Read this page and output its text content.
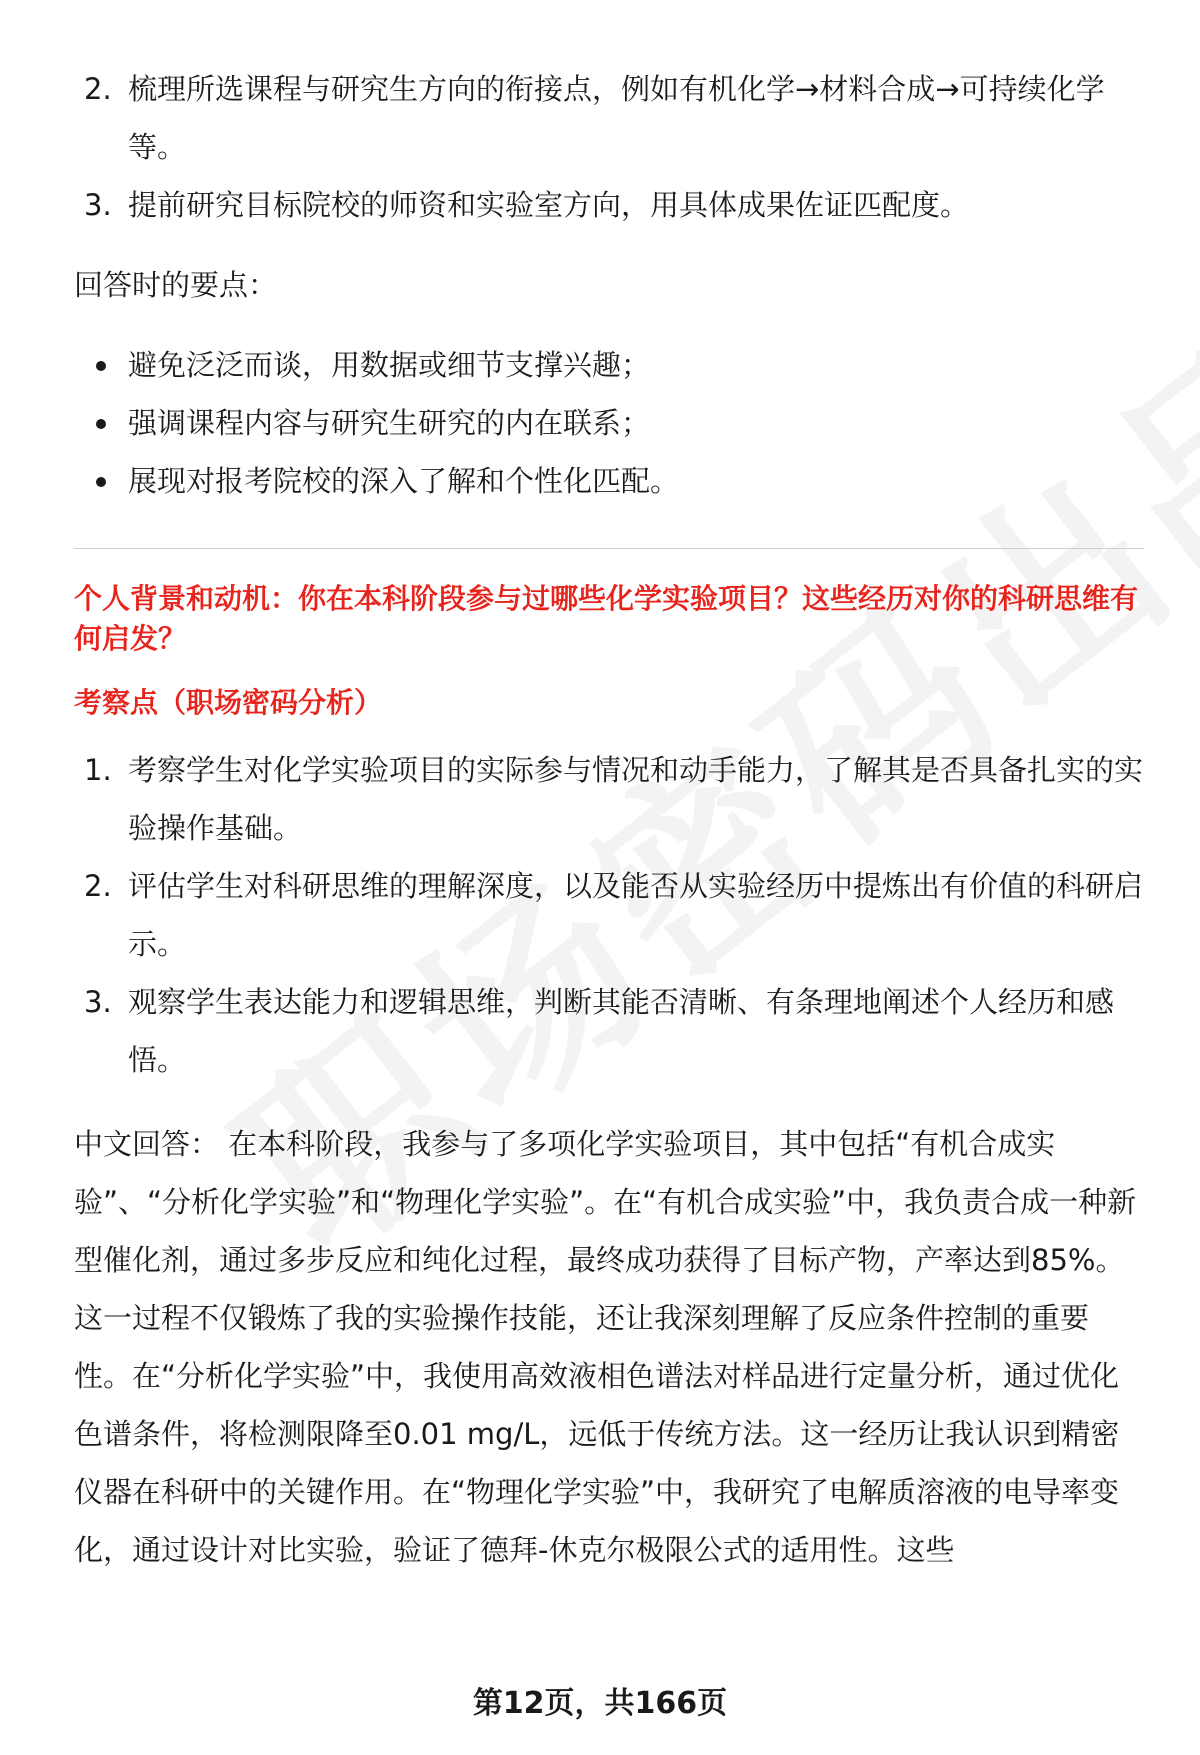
2. 梳理所选课程与研究生方向的衔接点，例如有机化学→材料合成→可持续化学等。
3. 提前研究目标院校的师资和实验室方向，用具体成果佐证匹配度。

回答时的要点：

避免泛泛而谈，用数据或细节支撑兴趣；
强调课程内容与研究生研究的内在联系；
展现对报考院校的深入了解和个性化匹配。

个人背景和动机：你在本科阶段参与过哪些化学实验项目？这些经历对你的科研思维有何启发？

考察点（职场密码分析）

1. 考察学生对化学实验项目的实际参与情况和动手能力，了解其是否具备扎实的实验操作基础。
2. 评估学生对科研思维的理解深度，以及能否从实验经历中提炼出有价值的科研启示。
3. 观察学生表达能力和逻辑思维，判断其能否清晰、有条理地阐述个人经历和感悟。

中文回答： 在本科阶段，我参与了多项化学实验项目，其中包括“有机合成实验”、“分析化学实验”和“物理化学实验”。在“有机合成实验”中，我负责合成一种新型催化剂，通过多步反应和纯化过程，最终成功获得了目标产物，产率达到85%。这一过程不仅锻炼了我的实验操作技能，还让我深刻理解了反应条件控制的重要性。在“分析化学实验”中，我使用高效液相色谱法对样品进行定量分析，通过优化色谱条件，将检测限降至0.01 mg/L，远低于传统方法。这一经历让我认识到精密仪器在科研中的关键作用。在“物理化学实验”中，我研究了电解质溶液的电导率变化，通过设计对比实验，验证了德拜-休克尔极限公式的适用性。这些

第12页，共166页
